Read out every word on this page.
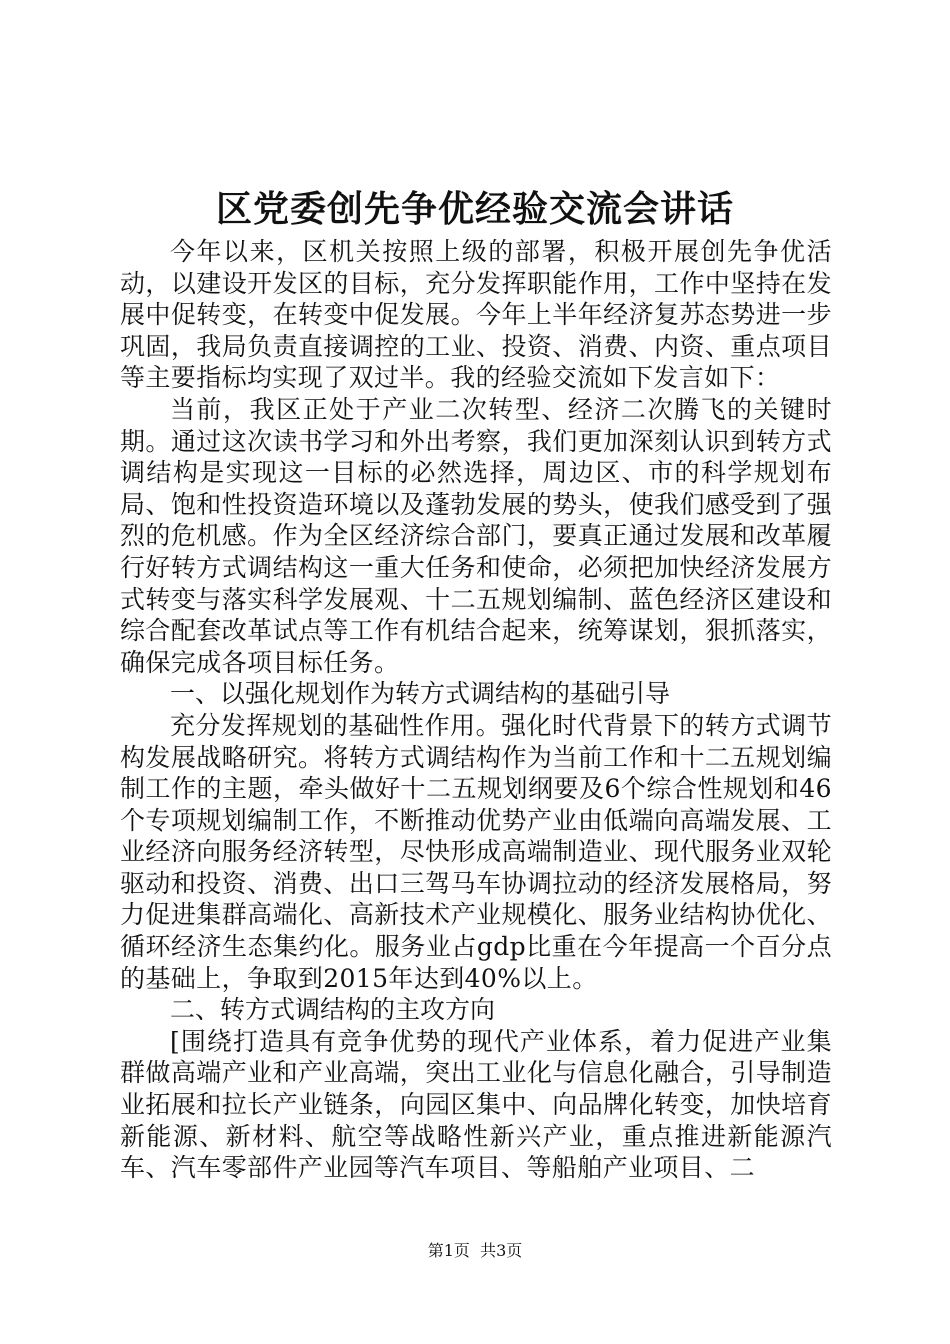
区党委创先争优经验交流会讲话

今年以来，区机关按照上级的部署，积极开展创先争优活动，以建设开发区的目标，充分发挥职能作用，工作中坚持在发展中促转变，在转变中促发展。今年上半年经济复苏态势进一步巩固，我局负责直接调控的工业、投资、消费、内资、重点项目等主要指标均实现了双过半。我的经验交流如下发言如下：

当前，我区正处于产业二次转型、经济二次腾飞的关键时期。通过这次读书学习和外出考察，我们更加深刻认识到转方式调结构是实现这一目标的必然选择，周边区、市的科学规划布局、饱和性投资造环境以及蓬勃发展的势头，使我们感受到了强烈的危机感。作为全区经济综合部门，要真正通过发展和改革履行好转方式调结构这一重大任务和使命，必须把加快经济发展方式转变与落实科学发展观、十二五规划编制、蓝色经济区建设和综合配套改革试点等工作有机结合起来，统筹谋划，狠抓落实，确保完成各项目标任务。

一、以强化规划作为转方式调结构的基础引导

充分发挥规划的基础性作用。强化时代背景下的转方式调节构发展战略研究。将转方式调结构作为当前工作和十二五规划编制工作的主题，牵头做好十二五规划纲要及6个综合性规划和46个专项规划编制工作，不断推动优势产业由低端向高端发展、工业经济向服务经济转型，尽快形成高端制造业、现代服务业双轮驱动和投资、消费、出口三驾马车协调拉动的经济发展格局，努力促进集群高端化、高新技术产业规模化、服务业结构协优化、循环经济生态集约化。服务业占gdp比重在今年提高一个百分点的基础上，争取到2015年达到40%以上。

二、转方式调结构的主攻方向

[围绕打造具有竞争优势的现代产业体系，着力促进产业集群做高端产业和产业高端，突出工业化与信息化融合，引导制造业拓展和拉长产业链条，向园区集中、向品牌化转变，加快培育新能源、新材料、航空等战略性新兴产业，重点推进新能源汽车、汽车零部件产业园等汽车项目、等船舶产业项目、二

第1页 共3页
